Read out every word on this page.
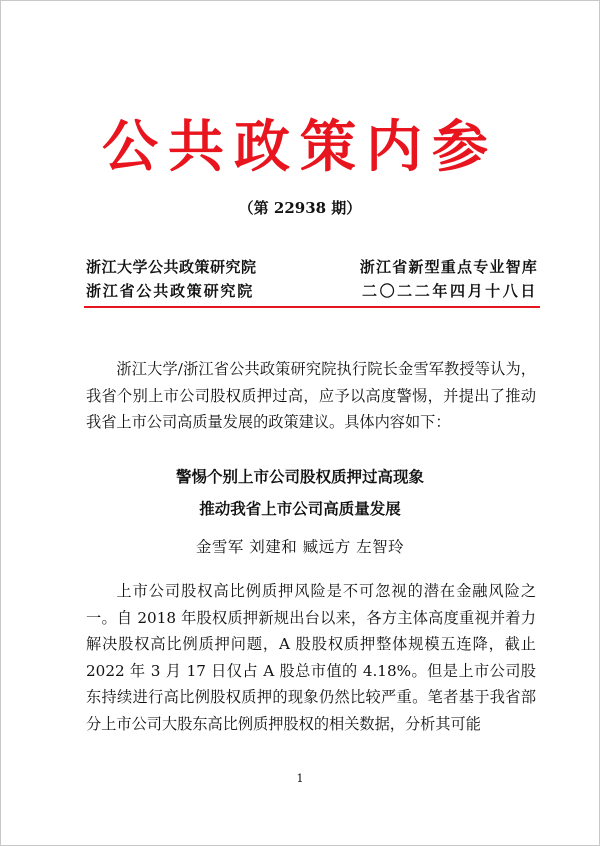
公共政策内参
（第 22938 期）
浙江大学公共政策研究院	浙江省新型重点专业智库
浙江省公共政策研究院	二〇二二年四月十八日

浙江大学/浙江省公共政策研究院执行院长金雪军教授等认为，我省个别上市公司股权质押过高，应予以高度警惕，并提出了推动我省上市公司高质量发展的政策建议。具体内容如下：

警惕个别上市公司股权质押过高现象
推动我省上市公司高质量发展
金雪军 刘建和 臧远方 左智玲

上市公司股权高比例质押风险是不可忽视的潜在金融风险之一。自 2018 年股权质押新规出台以来，各方主体高度重视并着力解决股权高比例质押问题，A 股股权质押整体规模五连降，截止 2022 年 3 月 17 日仅占 A 股总市值的 4.18%。但是上市公司股东持续进行高比例股权质押的现象仍然比较严重。笔者基于我省部分上市公司大股东高比例质押股权的相关数据，分析其可能

1
